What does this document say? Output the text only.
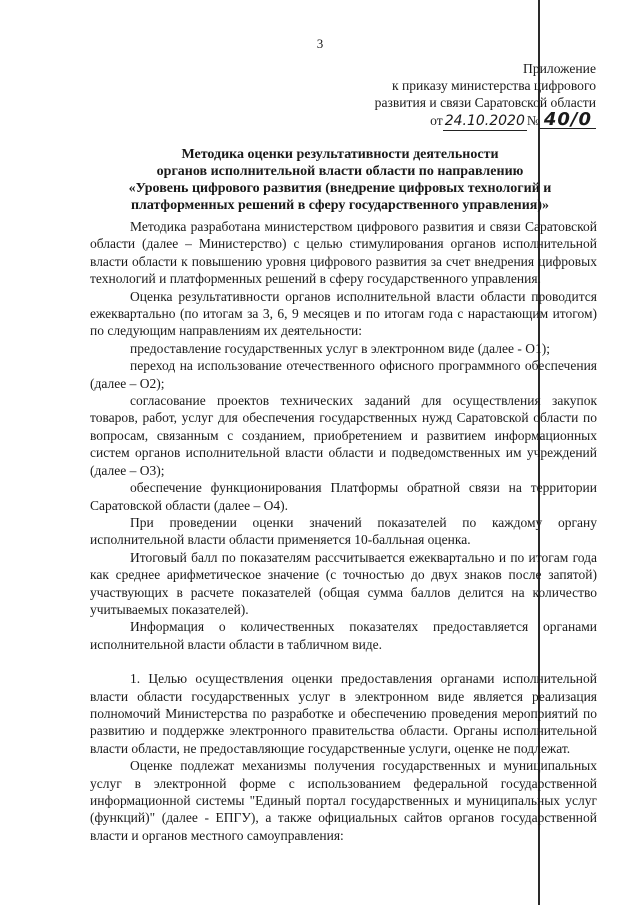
3
Приложение
к приказу министерства цифрового
развития и связи Саратовской области
от 24.10.2020 № 40/0
Методика оценки результативности деятельности
органов исполнительной власти области по направлению
«Уровень цифрового развития (внедрение цифровых технологий и
платформенных решений в сферу государственного управления)»

Методика разработана министерством цифрового развития и связи Саратовской области (далее – Министерство) с целью стимулирования органов исполнительной власти области к повышению уровня цифрового развития за счет внедрения цифровых технологий и платформенных решений в сферу государственного управления.

Оценка результативности органов исполнительной власти области проводится ежеквартально (по итогам за 3, 6, 9 месяцев и по итогам года с нарастающим итогом) по следующим направлениям их деятельности:

предоставление государственных услуг в электронном виде (далее - О1);

переход на использование отечественного офисного программного обеспечения (далее – О2);

согласование проектов технических заданий для осуществления закупок товаров, работ, услуг для обеспечения государственных нужд Саратовской области по вопросам, связанным с созданием, приобретением и развитием информационных систем органов исполнительной власти области и подведомственных им учреждений (далее – О3);

обеспечение функционирования Платформы обратной связи на территории Саратовской области (далее – О4).

При проведении оценки значений показателей по каждому органу исполнительной власти области применяется 10-балльная оценка.

Итоговый балл по показателям рассчитывается ежеквартально и по итогам года как среднее арифметическое значение (с точностью до двух знаков после запятой) участвующих в расчете показателей (общая сумма баллов делится на количество учитываемых показателей).

Информация о количественных показателях предоставляется органами исполнительной власти области в табличном виде.

1. Целью осуществления оценки предоставления органами исполнительной власти области государственных услуг в электронном виде является реализация полномочий Министерства по разработке и обеспечению проведения мероприятий по развитию и поддержке электронного правительства области. Органы исполнительной власти области, не предоставляющие государственные услуги, оценке не подлежат.

Оценке подлежат механизмы получения государственных и муниципальных услуг в электронной форме с использованием федеральной государственной информационной системы "Единый портал государственных и муниципальных услуг (функций)" (далее - ЕПГУ), а также официальных сайтов органов государственной власти и органов местного самоуправления:
